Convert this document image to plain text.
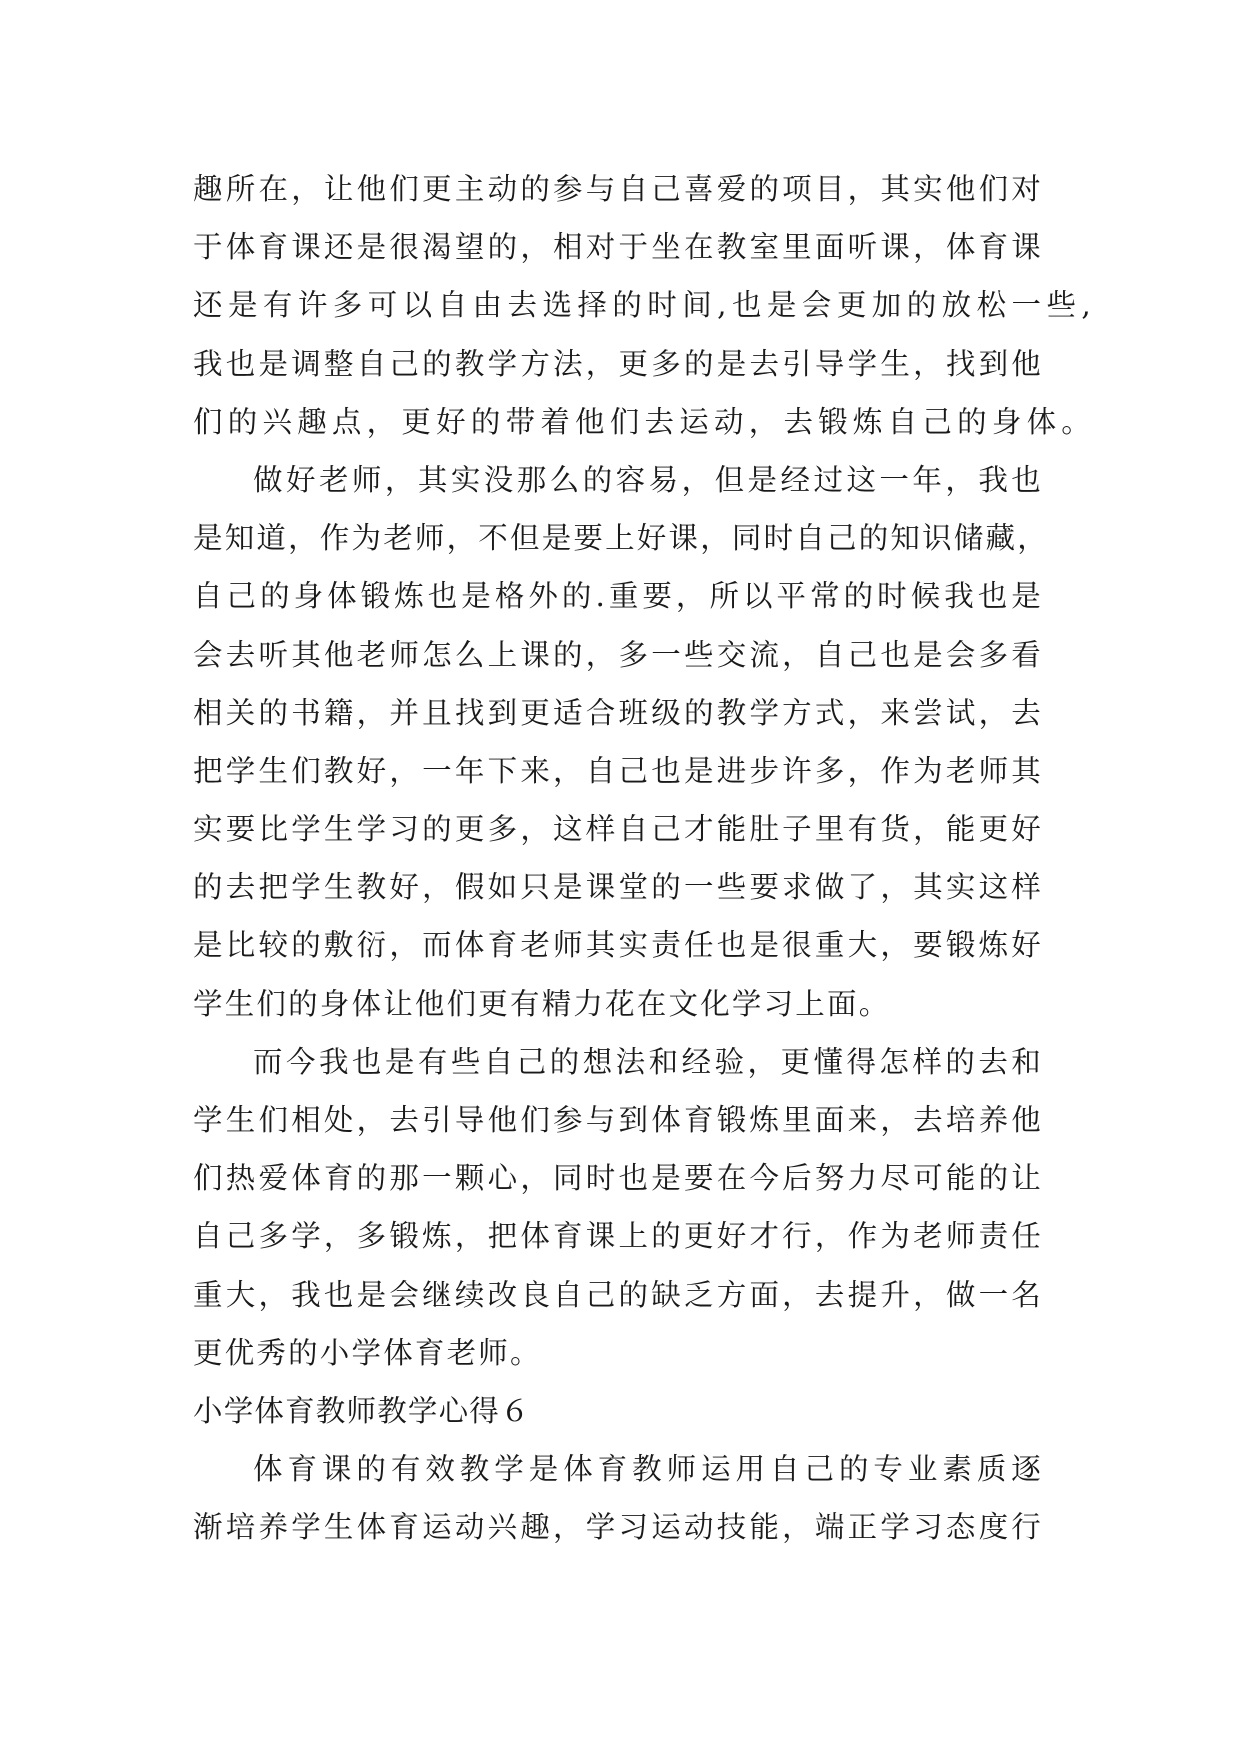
趣所在，让他们更主动的参与自己喜爱的项目，其实他们对
于体育课还是很渴望的，相对于坐在教室里面听课，体育课
还是有许多可以自由去选择的时间,也是会更加的放松一些,
我也是调整自己的教学方法，更多的是去引导学生，找到他
们的兴趣点，更好的带着他们去运动，去锻炼自己的身体。
做好老师，其实没那么的容易，但是经过这一年，我也
是知道，作为老师，不但是要上好课，同时自己的知识储藏，
自己的身体锻炼也是格外的.重要，所以平常的时候我也是
会去听其他老师怎么上课的，多一些交流，自己也是会多看
相关的书籍，并且找到更适合班级的教学方式，来尝试，去
把学生们教好，一年下来，自己也是进步许多，作为老师其
实要比学生学习的更多，这样自己才能肚子里有货，能更好
的去把学生教好，假如只是课堂的一些要求做了，其实这样
是比较的敷衍，而体育老师其实责任也是很重大，要锻炼好
学生们的身体让他们更有精力花在文化学习上面。
而今我也是有些自己的想法和经验，更懂得怎样的去和
学生们相处，去引导他们参与到体育锻炼里面来，去培养他
们热爱体育的那一颗心，同时也是要在今后努力尽可能的让
自己多学，多锻炼，把体育课上的更好才行，作为老师责任
重大，我也是会继续改良自己的缺乏方面，去提升，做一名
更优秀的小学体育老师。
小学体育教师教学心得６
体育课的有效教学是体育教师运用自己的专业素质逐
渐培养学生体育运动兴趣，学习运动技能，端正学习态度行
